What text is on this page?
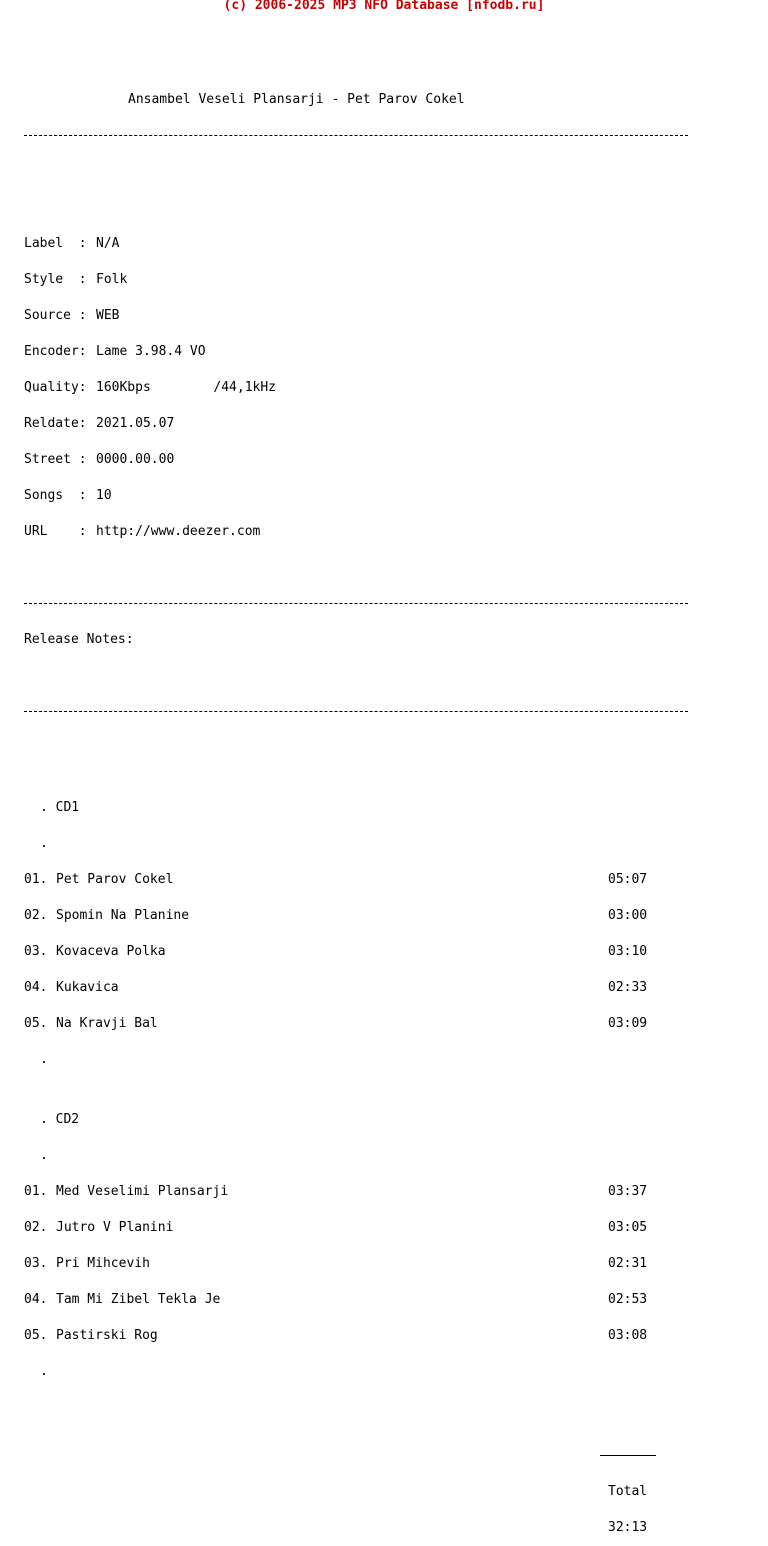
(c) 2006-2025 MP3 NFO Database [nfodb.ru]

Ansambel Veseli Plansarji - Pet Parov Cokel

Label  : N/A

Style  : Folk

Source : WEB

Encoder: Lame 3.98.4 VO

Quality: 160Kbps        /44,1kHz

Reldate: 2021.05.07

Street : 0000.00.00

Songs  : 10

URL    : http://www.deezer.com

Release Notes:

. CD1

.

01. Pet Parov Cokel	05:07

02. Spomin Na Planine	03:00

03. Kovaceva Polka	03:10

04. Kukavica	02:33

05. Na Kravji Bal	03:09

.

. CD2

.

01. Med Veselimi Plansarji	03:37

02. Jutro V Planini	03:05

03. Pri Mihcevih	02:31

04. Tam Mi Zibel Tekla Je	02:53

05. Pastirski Rog	03:08

.

Total

32:13
